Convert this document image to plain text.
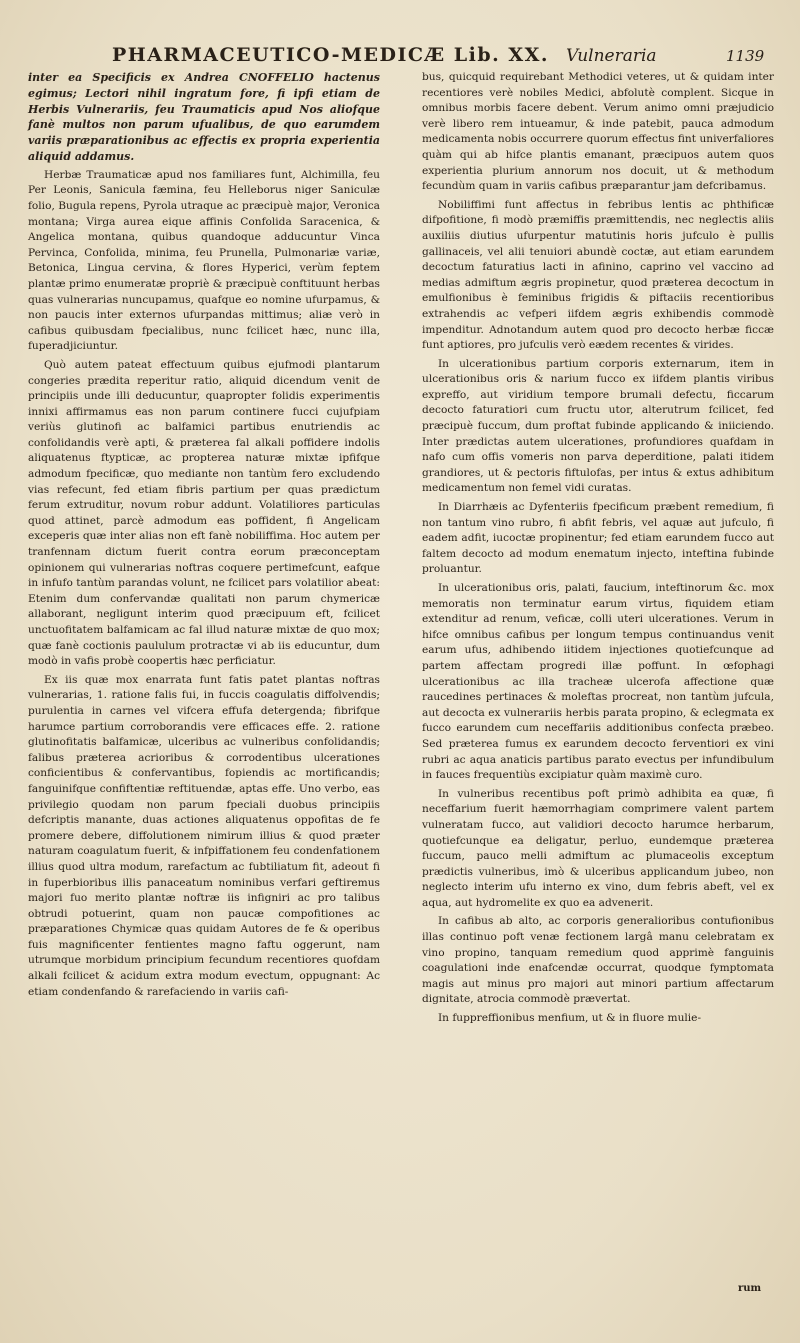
PHARMACEUTICO-MEDICÆ Lib. XX. Vulneraria	1139

inter ea Specificis ex Andrea CNOFFELIO hactenus egimus; Lectori nihil ingratum fore, fi ipfi etiam de Herbis Vulnerariis, feu Traumaticis apud Nos aliofque fanè multos non parum ufualibus, de quo earumdem variis præparationibus ac effectis ex propria experientia aliquid addamus.

Herbæ Traumaticæ apud nos familiares funt, Alchimilla, feu Per Leonis, Sanicula fæmina, feu Helleborus niger Saniculæ folio, Bugula repens, Pyrola utraque ac præcipuè major, Veronica montana; Virga aurea eique affinis Confolida Saracenica, & Angelica montana, quibus quandoque adducuntur Vinca Pervinca, Confolida, minima, feu Prunella, Pulmonariæ variæ, Betonica, Lingua cervina, & flores Hyperici, verùm feptem plantæ primo enumeratæ propriè & præcipuè conftituunt herbas quas vulnerarias nuncupamus, quafque eo nomine ufurpamus, & non paucis inter externos ufurpandas mittimus; aliæ verò in cafibus quibusdam fpecialibus, nunc fcilicet hæc, nunc illa, fuperadjiciuntur.

Quò autem pateat effectuum quibus ejufmodi plantarum congeries prædita reperitur ratio, aliquid dicendum venit de principiis unde illi deducuntur, quapropter folidis experimentis innixi affirmamus eas non parum continere fucci cujufpiam veriùs glutinofi ac balfamici partibus enutriendis ac confolidandis verè apti, & præterea fal alkali poffidere indolis aliquatenus ftypticæ, ac propterea naturæ mixtæ ipfifque admodum fpecificæ, quo mediante non tantùm fero excludendo vias refecunt, fed etiam fibris partium per quas prædictum ferum extruditur, novum robur addunt. Volatiliores particulas quod attinet, parcè admodum eas poffident, fi Angelicam exceperis quæ inter alias non eft fanè nobiliffima. Hoc autem per tranfennam dictum fuerit contra eorum præconceptam opinionem qui vulnerarias noftras coquere pertimefcunt, eafque in infufo tantùm parandas volunt, ne fcilicet pars volatilior abeat: Etenim dum confervandæ qualitati non parum chymericæ allaborant, negligunt interim quod præcipuum eft, fcilicet unctuofitatem balfamicam ac fal illud naturæ mixtæ de quo mox; quæ fanè coctionis paululum protractæ vi ab iis educuntur, dum modò in vafis probè coopertis hæc perficiatur.

Ex iis quæ mox enarrata funt fatis patet plantas noftras vulnerarias, 1. ratione falis fui, in fuccis coagulatis diffolvendis; purulentia in carnes vel vifcera effufa detergenda; fibrifque harumce partium corroborandis vere efficaces effe. 2. ratione glutinofitatis balfamicæ, ulceribus ac vulneribus confolidandis; falibus præterea acrioribus & corrodentibus ulcerationes conficientibus & confervantibus, fopiendis ac mortificandis; fanguinifque confiftentiæ reftituendæ, aptas effe. Uno verbo, eas privilegio quodam non parum fpeciali duobus principiis defcriptis manante, duas actiones aliquatenus oppofitas de fe promere debere, diffolutionem nimirum illius & quod præter naturam coagulatum fuerit, & infpiffationem feu condenfationem illius quod ultra modum, rarefactum ac fubtiliatum fit, adeout fi in fuperbioribus illis panaceatum nominibus verfari geftiremus majori fuo merito plantæ noftræ iis infigniri ac pro talibus obtrudi potuerint, quam non paucæ compofitiones ac præparationes Chymicæ quas quidam Autores de fe & operibus fuis magnificenter fentientes magno faftu oggerunt, nam utrumque morbidum principium fecundum recentiores quofdam alkali fcilicet & acidum extra modum evectum, oppugnant: Ac etiam condenfando & rarefaciendo in variis cafi-

bus, quicquid requirebant Methodici veteres, ut & quidam inter recentiores verè nobiles Medici, abfolutè complent. Sicque in omnibus morbis facere debent. Verum animo omni præjudicio verè libero rem intueamur, & inde patebit, pauca admodum medicamenta nobis occurrere quorum effectus fint univerfaliores quàm qui ab hifce plantis emanant, præcipuos autem quos experientia plurium annorum nos docuit, ut & methodum fecundùm quam in variis cafibus præparantur jam defcribamus.

Nobiliffimi funt affectus in febribus lentis ac phthificæ difpofitione, fi modò præmiffis præmittendis, nec neglectis aliis auxiliis diutius ufurpentur matutinis horis jufculo è pullis gallinaceis, vel alii tenuiori abundè coctæ, aut etiam earundem decoctum faturatius lacti in afinino, caprino vel vaccino ad medias admiftum ægris propinetur, quod præterea decoctum in emulfionibus è feminibus frigidis & piftaciis recentioribus extrahendis ac vefperi iifdem ægris exhibendis commodè impenditur. Adnotandum autem quod pro decocto herbæ ficcæ funt aptiores, pro jufculis verò eædem recentes & virides.

In ulcerationibus partium corporis externarum, item in ulcerationibus oris & narium fucco ex iifdem plantis viribus expreffo, aut viridium tempore brumali defectu, ficcarum decocto faturatiori cum fructu utor, alterutrum fcilicet, fed præcipuè fuccum, dum proftat fubinde applicando & iniiciendo. Inter prædictas autem ulcerationes, profundiores quafdam in nafo cum offis vomeris non parva deperditione, palati itidem grandiores, ut & pectoris fiftulofas, per intus & extus adhibitum medicamentum non femel vidi curatas.

In Diarrhæis ac Dyfenteriis fpecificum præbent remedium, fi non tantum vino rubro, fi abfit febris, vel aquæ aut jufculo, fi eadem adfit, iucoctæ propinentur; fed etiam earundem fucco aut faltem decocto ad modum enematum injecto, inteftina fubinde proluantur.

In ulcerationibus oris, palati, faucium, inteftinorum &c. mox memoratis non terminatur earum virtus, fiquidem etiam extenditur ad renum, veficæ, colli uteri ulcerationes. Verum in hifce omnibus cafibus per longum tempus continuandus venit earum ufus, adhibendo iitidem injectiones quotiefcunque ad partem affectam progredi illæ poffunt. In œfophagi ulcerationibus ac illa tracheæ ulcerofa affectione quæ raucedines pertinaces & moleftas procreat, non tantùm jufcula, aut decocta ex vulnerariis herbis parata propino, & eclegmata ex fucco earundem cum neceffariis additionibus confecta præbeo. Sed præterea fumus ex earundem decocto ferventiori ex vini rubri ac aqua anaticis partibus parato evectus per infundibulum in fauces frequentiùs excipiatur quàm maximè curo.

In vulneribus recentibus poft primò adhibita ea quæ, fi neceffarium fuerit hæmorrhagiam comprimere valent partem vulneratam fucco, aut validiori decocto harumce herbarum, quotiefcunque ea deligatur, perluo, eundemque præterea fuccum, pauco melli admiftum ac plumaceolis exceptum prædictis vulneribus, imò & ulceribus applicandum jubeo, non neglecto interim ufu interno ex vino, dum febris abeft, vel ex aqua, aut hydromelite ex quo ea advenerit.

In cafibus ab alto, ac corporis generalioribus contufionibus illas continuo poft venæ fectionem largâ manu celebratam ex vino propino, tanquam remedium quod apprimè fanguinis coagulationi inde enafcendæ occurrat, quodque fymptomata magis aut minus pro majori aut minori partium affectarum dignitate, atrocia commodè prævertat.

In fuppreffionibus menfium, ut & in fluore mulie-

rum
